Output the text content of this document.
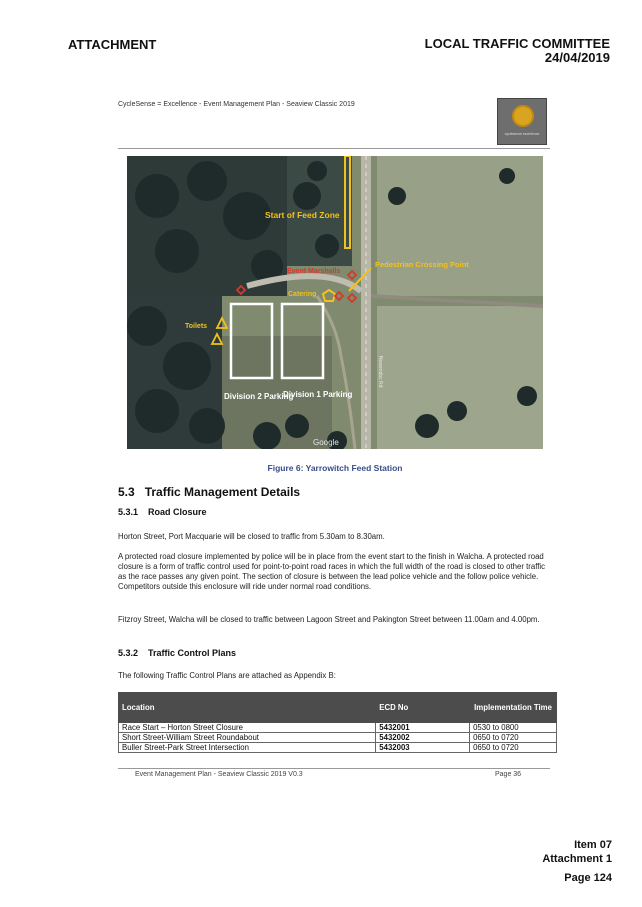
ATTACHMENT	LOCAL TRAFFIC COMMITTEE
24/04/2019
CycleSense = Excellence - Event Management Plan - Seaview Classic 2019
cyclesense excellence
Start of Feed Zone
Pedestrian Crossing Point
Event Marshalls
Catering
Toilets
Division 2 Parking
Division 1 Parking
Nowendoc Rd
Google
Figure 6: Yarrowitch Feed Station
5.3 Traffic Management Details
5.3.1 Road Closure
Horton Street, Port Macquarie will be closed to traffic from 5.30am to 8.30am.
A protected road closure implemented by police will be in place from the event start to the finish in Walcha. A protected road closure is a form of traffic control used for point-to-point road races in which the full width of the road is closed to other traffic as the race passes any given point. The section of closure is between the lead police vehicle and the follow police vehicle. Competitors outside this enclosure will ride under normal road conditions.
Fitzroy Street, Walcha will be closed to traffic between Lagoon Street and Pakington Street between 11.00am and 4.00pm.
5.3.2 Traffic Control Plans
The following Traffic Control Plans are attached as Appendix B:
Location	ECD No	Implementation Time
Race Start – Horton Street Closure	5432001	0530 to 0800
Short Street-William Street Roundabout	5432002	0650 to 0720
Buller Street-Park Street Intersection	5432003	0650 to 0720
Event Management Plan - Seaview Classic 2019 V0.3	Page 36
Item 07
Attachment 1
Page 124
